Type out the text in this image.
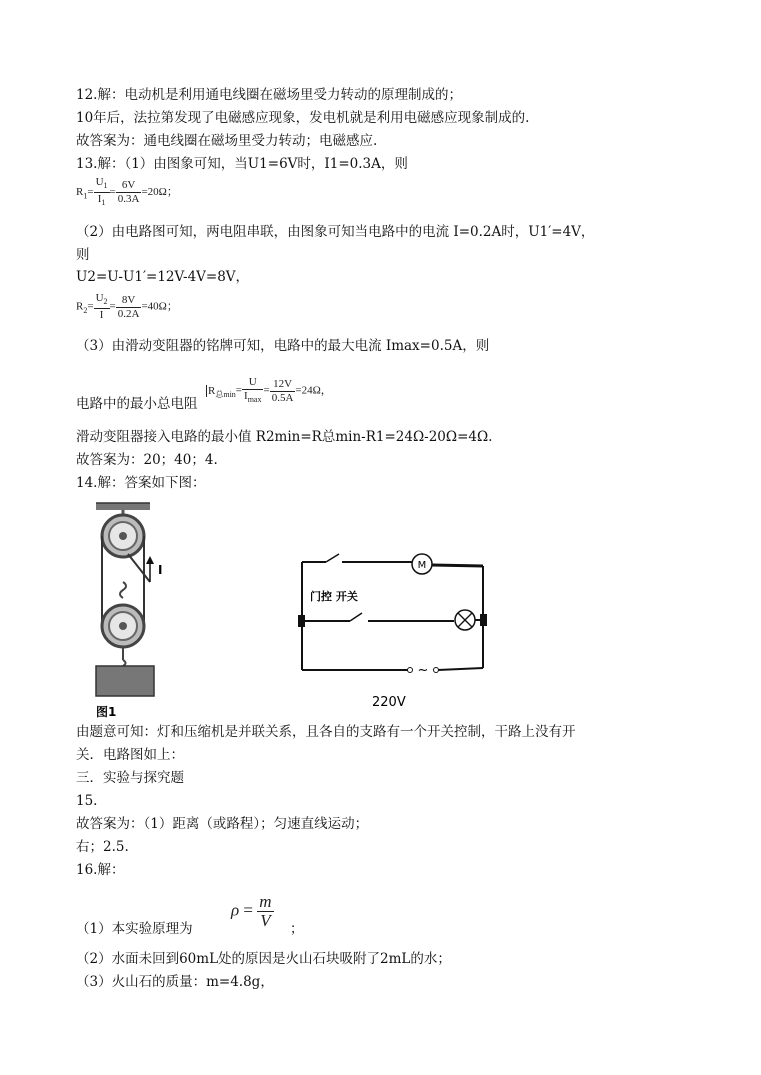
12.解：电动机是利用通电线圈在磁场里受力转动的原理制成的；
10年后，法拉第发现了电磁感应现象，发电机就是利用电磁感应现象制成的.
故答案为：通电线圈在磁场里受力转动；电磁感应.
13.解：（1）由图象可知，当U1=6V时，I1=0.3A，则
$R_1= \frac{U_1}{I_1} = \frac{6V}{0.3A} =20\Omega$；
（2）由电路图可知，两电阻串联，由图象可知当电路中的电流 I=0.2A时，U1′=4V，
则
U2=U-U1′=12V-4V=8V，
$R_2= \frac{U_2}{I} = \frac{8V}{0.2A} =40\Omega$；
（3）由滑动变阻器的铭牌可知，电路中的最大电流 Imax=0.5A，则
电路中的最小总电阻
$R_{总min}= \frac{U}{I_{max}} = \frac{12V}{0.5A} =24\Omega$，
滑动变阻器接入电路的最小值 R2min=R总min-R1=24Ω-20Ω=4Ω.
故答案为：20；40；4.
14.解：答案如下图：
I
图1
M
门控 开关
~
220V
由题意可知：灯和压缩机是并联关系，且各自的支路有一个开关控制，干路上没有开
关．电路图如上：
三．实验与探究题
15.
故答案为：（1）距离（或路程）；匀速直线运动；
右；2.5.
16.解：
（1）本实验原理为
$\rho = \frac{m}{V}$ ；
（2）水面未回到60mL处的原因是火山石块吸附了2mL的水；
（3）火山石的质量：m=4.8g，
